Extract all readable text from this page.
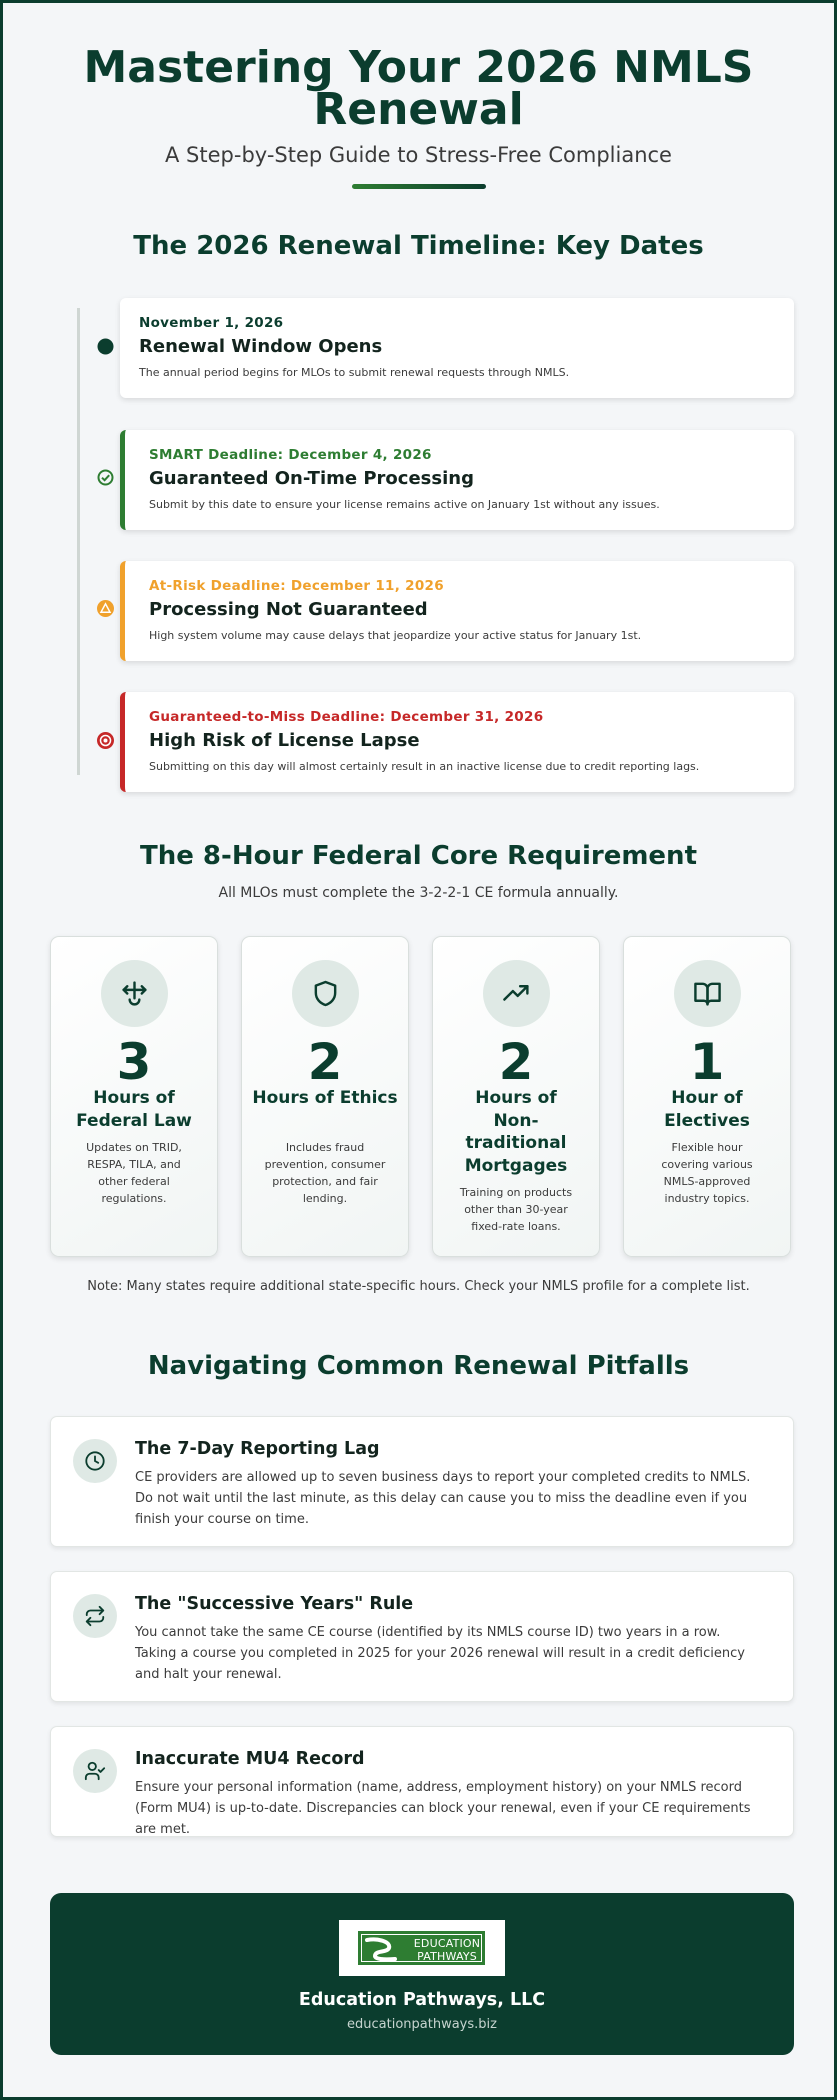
Mastering Your 2026 NMLS Renewal
A Step-by-Step Guide to Stress-Free Compliance
The 2026 Renewal Timeline: Key Dates
November 1, 2026
Renewal Window Opens
The annual period begins for MLOs to submit renewal requests through NMLS.
SMART Deadline: December 4, 2026
Guaranteed On-Time Processing
Submit by this date to ensure your license remains active on January 1st without any issues.
At-Risk Deadline: December 11, 2026
Processing Not Guaranteed
High system volume may cause delays that jeopardize your active status for January 1st.
Guaranteed-to-Miss Deadline: December 31, 2026
High Risk of License Lapse
Submitting on this day will almost certainly result in an inactive license due to credit reporting lags.
The 8-Hour Federal Core Requirement
All MLOs must complete the 3-2-2-1 CE formula annually.
3
Hours of Federal Law
Updates on TRID, RESPA, TILA, and other federal regulations.
2
Hours of Ethics
Includes fraud prevention, consumer protection, and fair lending.
2
Hours of Non-traditional Mortgages
Training on products other than 30-year fixed-rate loans.
1
Hour of Electives
Flexible hour covering various NMLS-approved industry topics.
Note: Many states require additional state-specific hours. Check your NMLS profile for a complete list.
Navigating Common Renewal Pitfalls
The 7-Day Reporting Lag
CE providers are allowed up to seven business days to report your completed credits to NMLS. Do not wait until the last minute, as this delay can cause you to miss the deadline even if you finish your course on time.
The "Successive Years" Rule
You cannot take the same CE course (identified by its NMLS course ID) two years in a row. Taking a course you completed in 2025 for your 2026 renewal will result in a credit deficiency and halt your renewal.
Inaccurate MU4 Record
Ensure your personal information (name, address, employment history) on your NMLS record (Form MU4) is up-to-date. Discrepancies can block your renewal, even if your CE requirements are met.
EDUCATION PATHWAYS
Education Pathways, LLC
educationpathways.biz
